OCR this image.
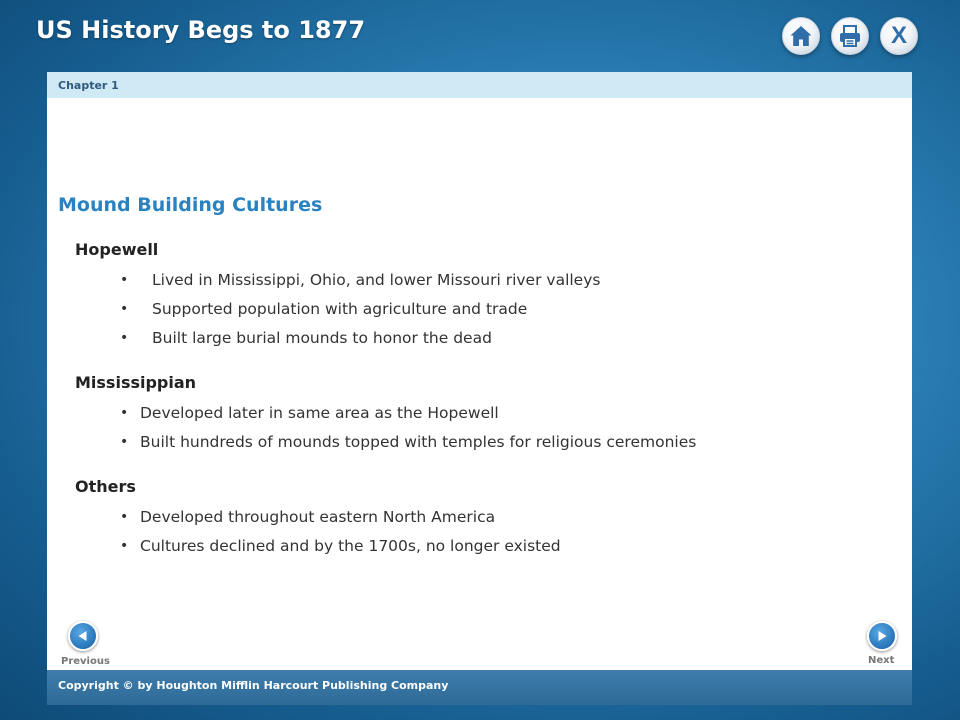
US History Begs to 1877	X
Chapter 1
Mound Building Cultures
Hopewell
• Lived in Mississippi, Ohio, and lower Missouri river valleys
• Supported population with agriculture and trade
• Built large burial mounds to honor the dead
Mississippian
• Developed later in same area as the Hopewell
• Built hundreds of mounds topped with temples for religious ceremonies
Others
• Developed throughout eastern North America
• Cultures declined and by the 1700s, no longer existed
Previous	Next
Copyright © by Houghton Mifflin Harcourt Publishing Company
